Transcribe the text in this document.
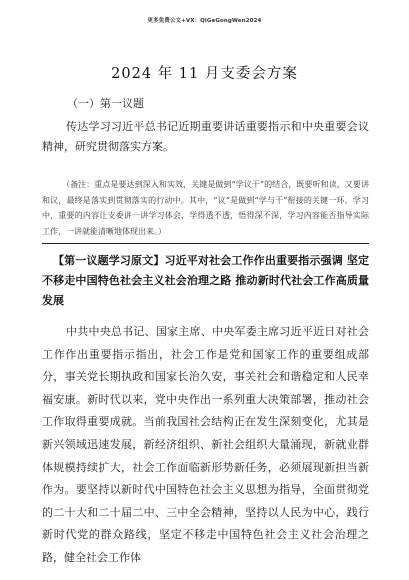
更多免费公文+VX：QiGeGongWen2024
2024 年 11 月支委会方案
（一）第一议题
传达学习习近平总书记近期重要讲话重要指示和中央重要会议精神，研究贯彻落实方案。
（备注：重点是要达到深入和实效，关键是做到“学议干”的结合，既要听和读，又要讲和议，最终是落实到贯彻落实的行动中。其中，“议”是做到“学与干”衔接的关键一环。学习中，重要的内容让支委讲一讲学习体会，学得透不透，悟得深不深，学习内容能否指导实际工作，一讲就能清晰地体现出来。）
【第一议题学习原文】习近平对社会工作作出重要指示强调 坚定不移走中国特色社会主义社会治理之路 推动新时代社会工作高质量发展
中共中央总书记、国家主席、中央军委主席习近平近日对社会工作作出重要指示指出，社会工作是党和国家工作的重要组成部分，事关党长期执政和国家长治久安，事关社会和谐稳定和人民幸福安康。新时代以来，党中央作出一系列重大决策部署，推动社会工作取得重要成就。当前我国社会结构正在发生深刻变化，尤其是新兴领域迅速发展，新经济组织、新社会组织大量涌现，新就业群体规模持续扩大，社会工作面临新形势新任务，必须展现新担当新作为。要坚持以新时代中国特色社会主义思想为指导，全面贯彻党的二十大和二十届二中、三中全会精神，坚持以人民为中心，践行新时代党的群众路线，坚定不移走中国特色社会主义社会治理之路，健全社会工作体
